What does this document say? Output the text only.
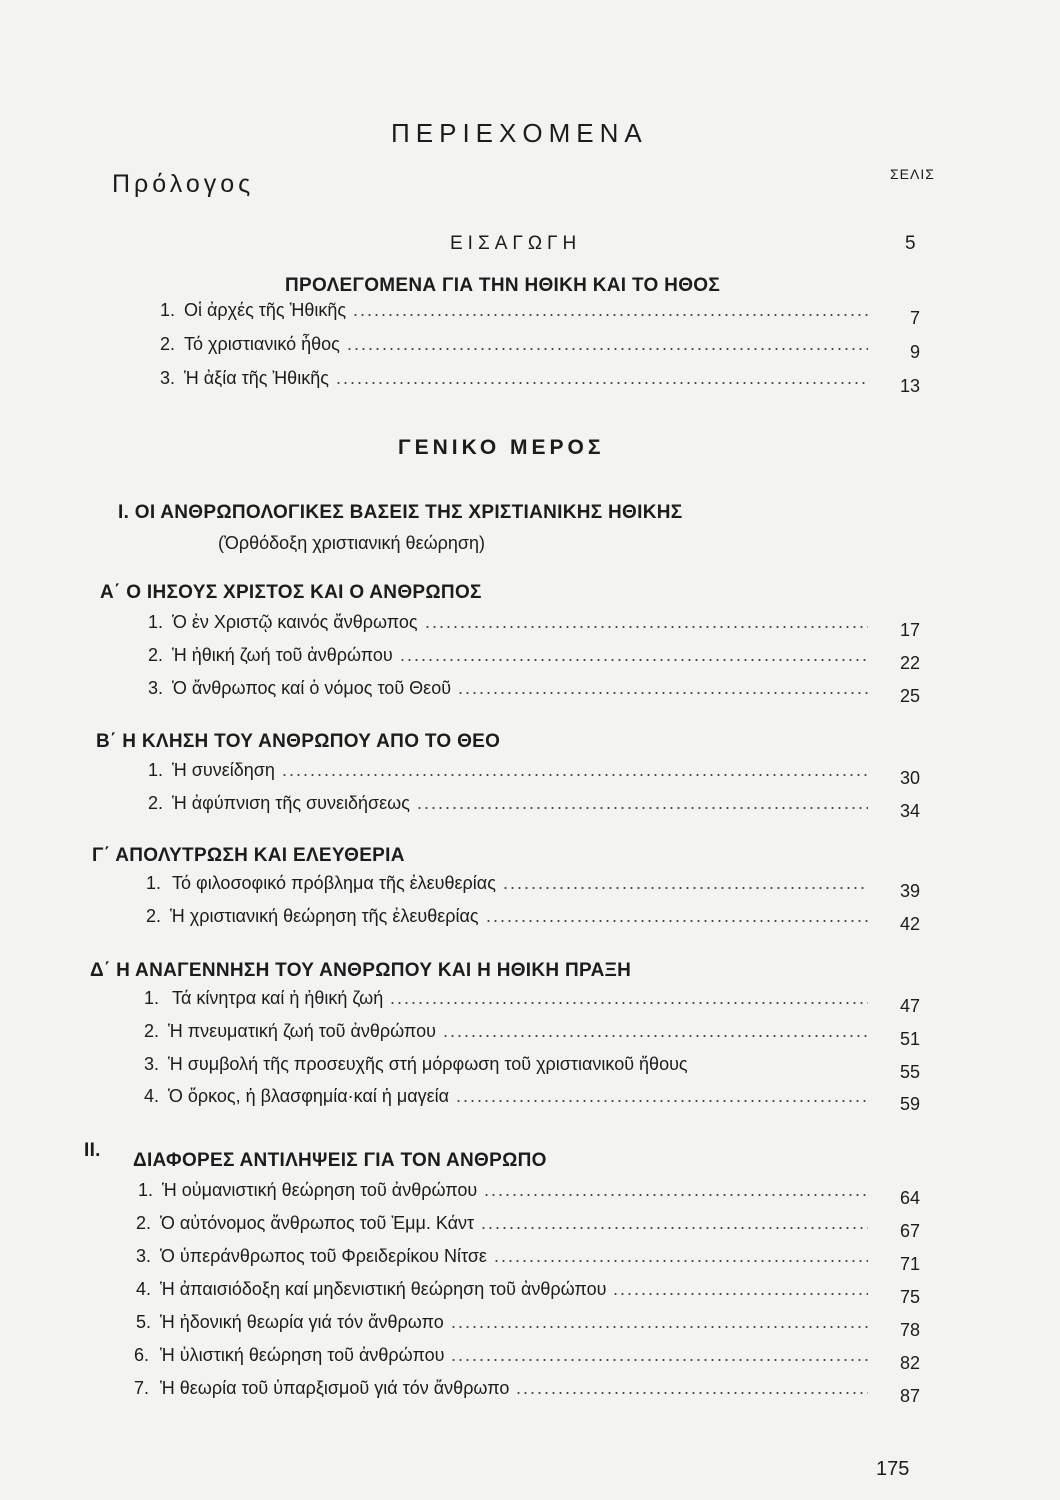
ΠΕΡΙΕΧΟΜΕΝΑ
Πρόλογος	ΣΕΛΙΣ
ΕΙΣΑΓΩΓΗ	5
ΠΡΟΛΕΓΟΜΕΝΑ ΓΙΑ ΤΗΝ ΗΘΙΚΗ ΚΑΙ ΤΟ ΗΘΟΣ
1. Οἱ ἀρχές τῆς Ἠθικῆς	7
2. Τό χριστιανικό ἦθος	9
3. Ἡ ἀξία τῆς Ἠθικῆς	13
ΓΕΝΙΚΟ ΜΕΡΟΣ
I. ΟΙ ΑΝΘΡΩΠΟΛΟΓΙΚΕΣ ΒΑΣΕΙΣ ΤΗΣ ΧΡΙΣΤΙΑΝΙΚΗΣ ΗΘΙΚΗΣ
(Ὀρθόδοξη χριστιανική θεώρηση)
Α΄ Ο ΙΗΣΟΥΣ ΧΡΙΣΤΟΣ ΚΑΙ Ο ΑΝΘΡΩΠΟΣ
1. Ὁ ἐν Χριστῷ καινός ἄνθρωπος	17
2. Ἡ ἠθική ζωή τοῦ ἀνθρώπου	22
3. Ὁ ἄνθρωπος καί ὁ νόμος τοῦ Θεοῦ	25
Β΄ Η ΚΛΗΣΗ ΤΟΥ ΑΝΘΡΩΠΟΥ ΑΠΟ ΤΟ ΘΕΟ
1. Ἡ συνείδηση	30
2. Ἡ ἀφύπνιση τῆς συνειδήσεως	34
Γ΄ ΑΠΟΛΥΤΡΩΣΗ ΚΑΙ ΕΛΕΥΘΕΡΙΑ
1. Τό φιλοσοφικό πρόβλημα τῆς ἐλευθερίας	39
2. Ἡ χριστιανική θεώρηση τῆς ἐλευθερίας	42
Δ΄ Η ΑΝΑΓΕΝΝΗΣΗ ΤΟΥ ΑΝΘΡΩΠΟΥ ΚΑΙ Η ΗΘΙΚΗ ΠΡΑΞΗ
1. Τά κίνητρα καί ἡ ἠθική ζωή	47
2. Ἡ πνευματική ζωή τοῦ ἀνθρώπου	51
3. Ἡ συμβολή τῆς προσευχῆς στή μόρφωση τοῦ χριστιανικοῦ ἤθους	55
4. Ὁ ὅρκος, ἡ βλασφημία·καί ἡ μαγεία	59
II. ΔΙΑΦΟΡΕΣ ΑΝΤΙΛΗΨΕΙΣ ΓΙΑ ΤΟΝ ΑΝΘΡΩΠΟ
1. Ἡ οὐμανιστική θεώρηση τοῦ ἀνθρώπου	64
2. Ὁ αὐτόνομος ἄνθρωπος τοῦ Ἐμμ. Κάντ	67
3. Ὁ ὑπεράνθρωπος τοῦ Φρειδερίκου Νίτσε	71
4. Ἡ ἀπαισιόδοξη καί μηδενιστική θεώρηση τοῦ ἀνθρώπου	75
5. Ἡ ἠδονική θεωρία γιά τόν ἄνθρωπο	78
6. Ἡ ὑλιστική θεώρηση τοῦ ἀνθρώπου	82
7. Ἡ θεωρία τοῦ ὑπαρξισμοῦ γιά τόν ἄνθρωπο	87
175
